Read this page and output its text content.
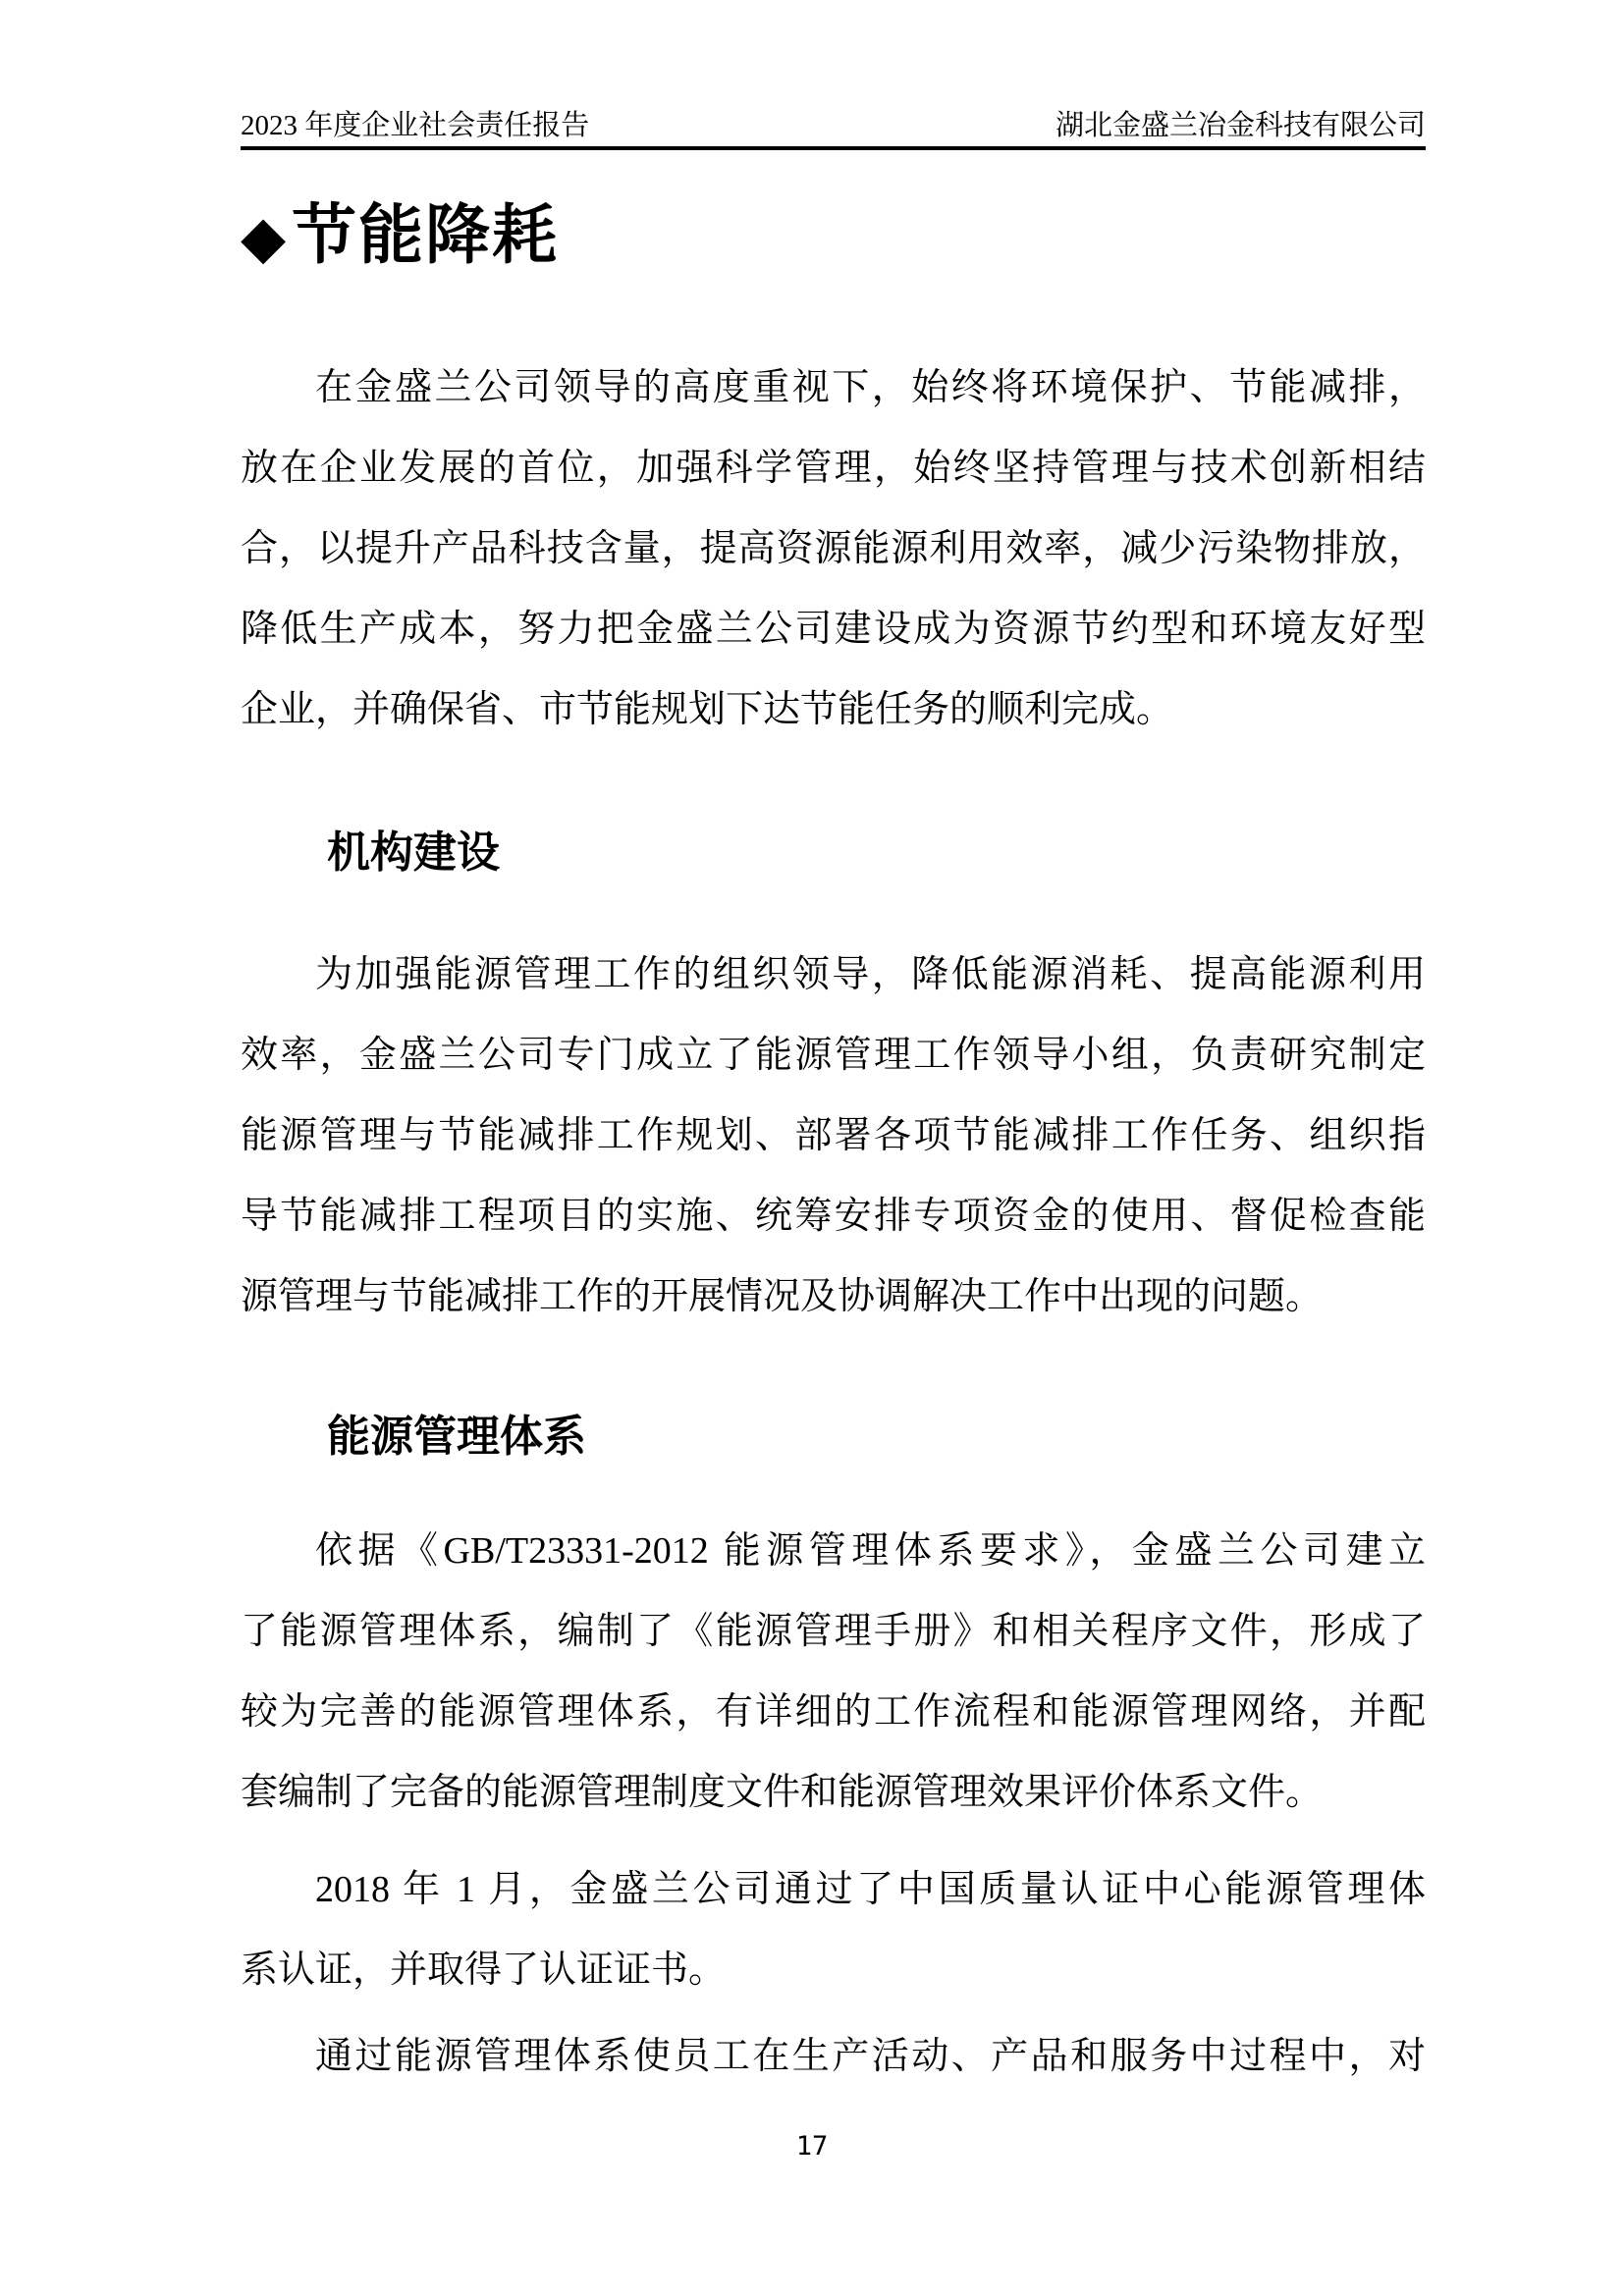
2023 年度企业社会责任报告	湖北金盛兰冶金科技有限公司
◆节能降耗
在金盛兰公司领导的高度重视下，始终将环境保护、节能减排，
放在企业发展的首位，加强科学管理，始终坚持管理与技术创新相结
合，以提升产品科技含量，提高资源能源利用效率，减少污染物排放，
降低生产成本，努力把金盛兰公司建设成为资源节约型和环境友好型
企业，并确保省、市节能规划下达节能任务的顺利完成。
机构建设
为加强能源管理工作的组织领导，降低能源消耗、提高能源利用
效率，金盛兰公司专门成立了能源管理工作领导小组，负责研究制定
能源管理与节能减排工作规划、部署各项节能减排工作任务、组织指
导节能减排工程项目的实施、统筹安排专项资金的使用、督促检查能
源管理与节能减排工作的开展情况及协调解决工作中出现的问题。
能源管理体系
依据《GB/T23331-2012 能源管理体系要求》，金盛兰公司建立
了能源管理体系，编制了《能源管理手册》和相关程序文件，形成了
较为完善的能源管理体系，有详细的工作流程和能源管理网络，并配
套编制了完备的能源管理制度文件和能源管理效果评价体系文件。
2018 年 1 月，金盛兰公司通过了中国质量认证中心能源管理体
系认证，并取得了认证证书。
通过能源管理体系使员工在生产活动、产品和服务中过程中，对
17
